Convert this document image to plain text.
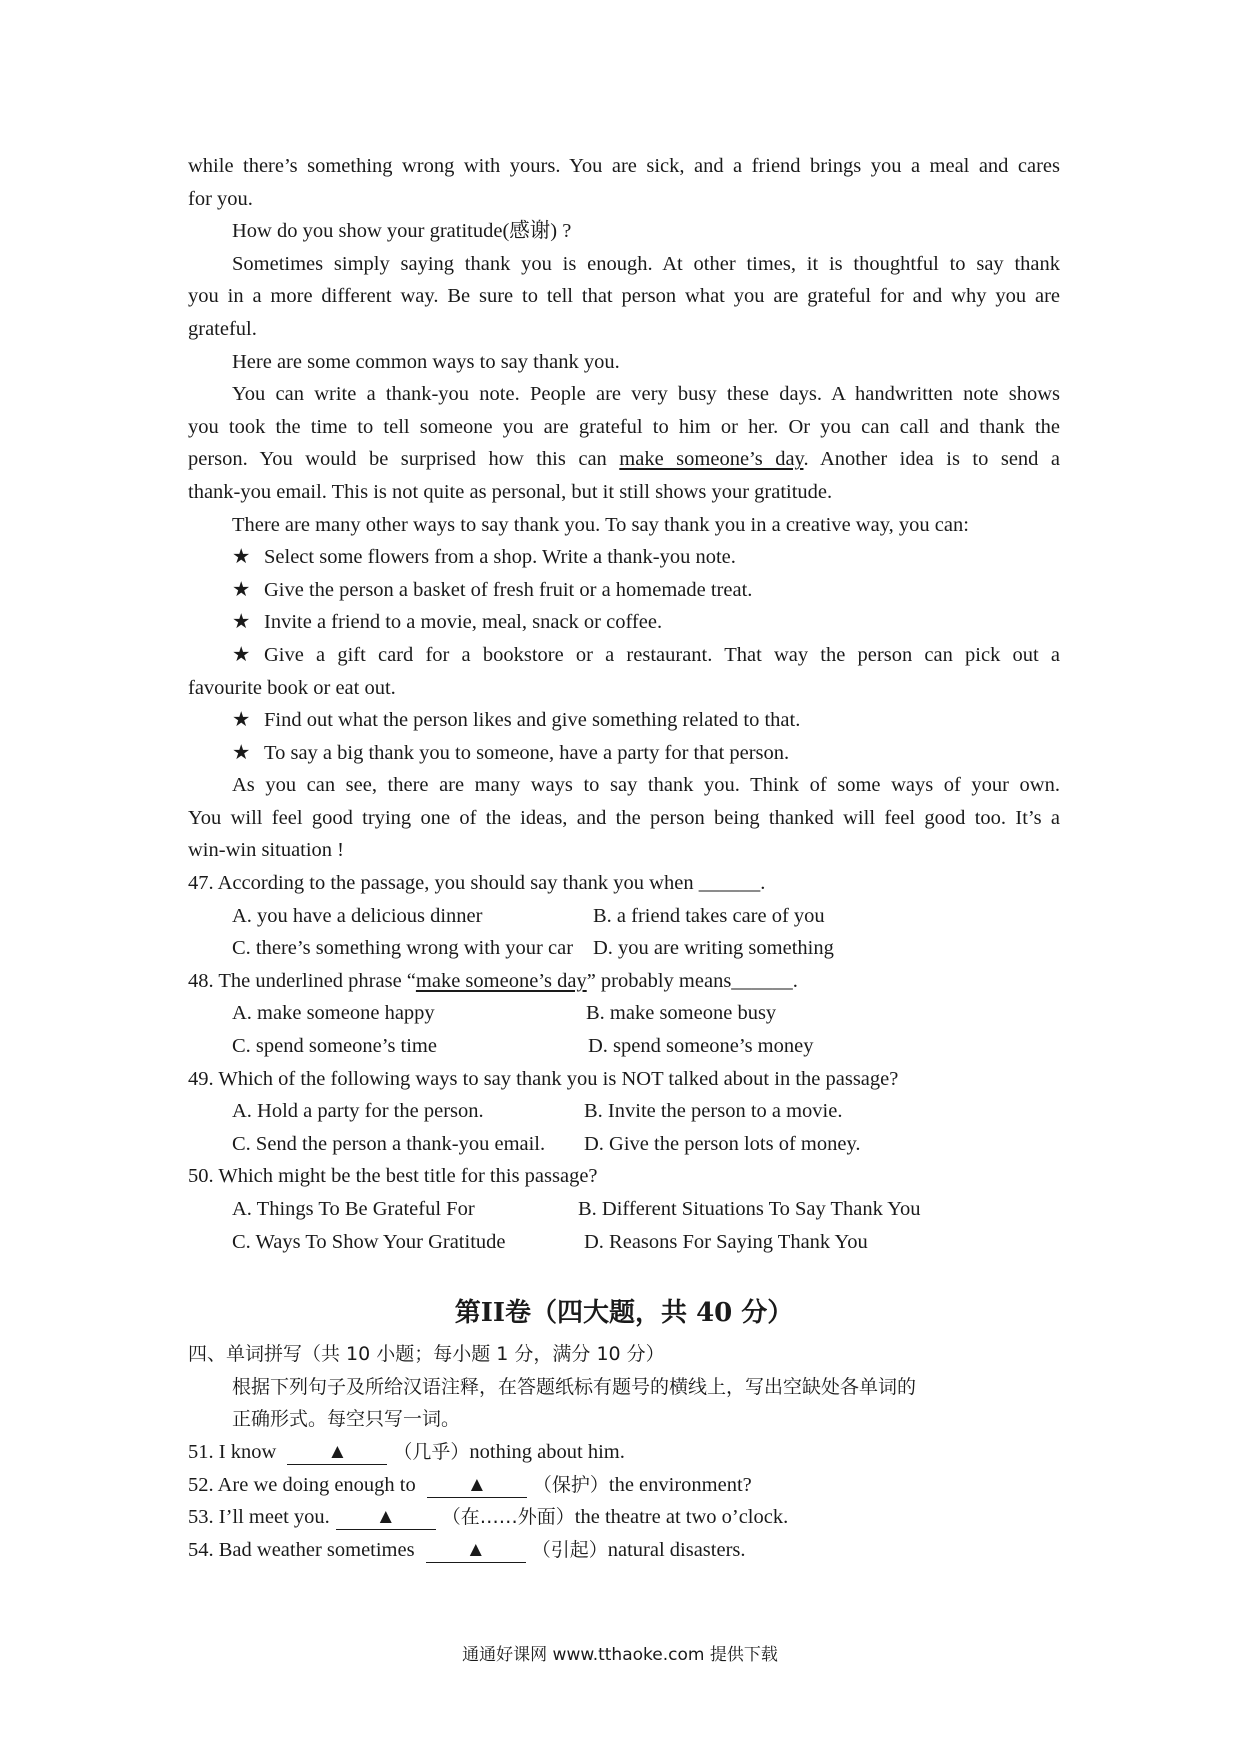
while there’s something wrong with yours. You are sick, and a friend brings you a meal and cares
for you.
How do you show your gratitude(感谢) ?
Sometimes simply saying thank you is enough. At other times, it is thoughtful to say thank
you in a more different way. Be sure to tell that person what you are grateful for and why you are
grateful.
Here are some common ways to say thank you.
You can write a thank-you note. People are very busy these days. A handwritten note shows
you took the time to tell someone you are grateful to him or her. Or you can call and thank the
person. You would be surprised how this can make someone’s day. Another idea is to send a
thank-you email. This is not quite as personal, but it still shows your gratitude.
There are many other ways to say thank you. To say thank you in a creative way, you can:
★ Select some flowers from a shop. Write a thank-you note.
★ Give the person a basket of fresh fruit or a homemade treat.
★ Invite a friend to a movie, meal, snack or coffee.
★ Give a gift card for a bookstore or a restaurant. That way the person can pick out a
favourite book or eat out.
★ Find out what the person likes and give something related to that.
★ To say a big thank you to someone, have a party for that person.
As you can see, there are many ways to say thank you. Think of some ways of your own.
You will feel good trying one of the ideas, and the person being thanked will feel good too. It’s a
win-win situation !
47. According to the passage, you should say thank you when ______.
A. you have a delicious dinner	B. a friend takes care of you
C. there’s something wrong with your car D. you are writing something
48. The underlined phrase “make someone’s day” probably means______.
A. make someone happy	B. make someone busy
C. spend someone’s time	D. spend someone’s money
49. Which of the following ways to say thank you is NOT talked about in the passage?
A. Hold a party for the person.	B. Invite the person to a movie.
C. Send the person a thank-you email. D. Give the person lots of money.
50. Which might be the best title for this passage?
A. Things To Be Grateful For	B. Different Situations To Say Thank You
C. Ways To Show Your Gratitude	D. Reasons For Saying Thank You
第II卷（四大题，共 40 分）
四、单词拼写（共 10 小题；每小题 1 分，满分 10 分）
根据下列句子及所给汉语注释，在答题纸标有题号的横线上，写出空缺处各单词的
正确形式。每空只写一词。
51. I know ▲ （几乎）nothing about him.
52. Are we doing enough to ▲ （保护）the environment?
53. I’ll meet you. ▲ （在……外面）the theatre at two o’clock.
54. Bad weather sometimes ▲ （引起）natural disasters.
通通好课网 www.tthaoke.com 提供下载
